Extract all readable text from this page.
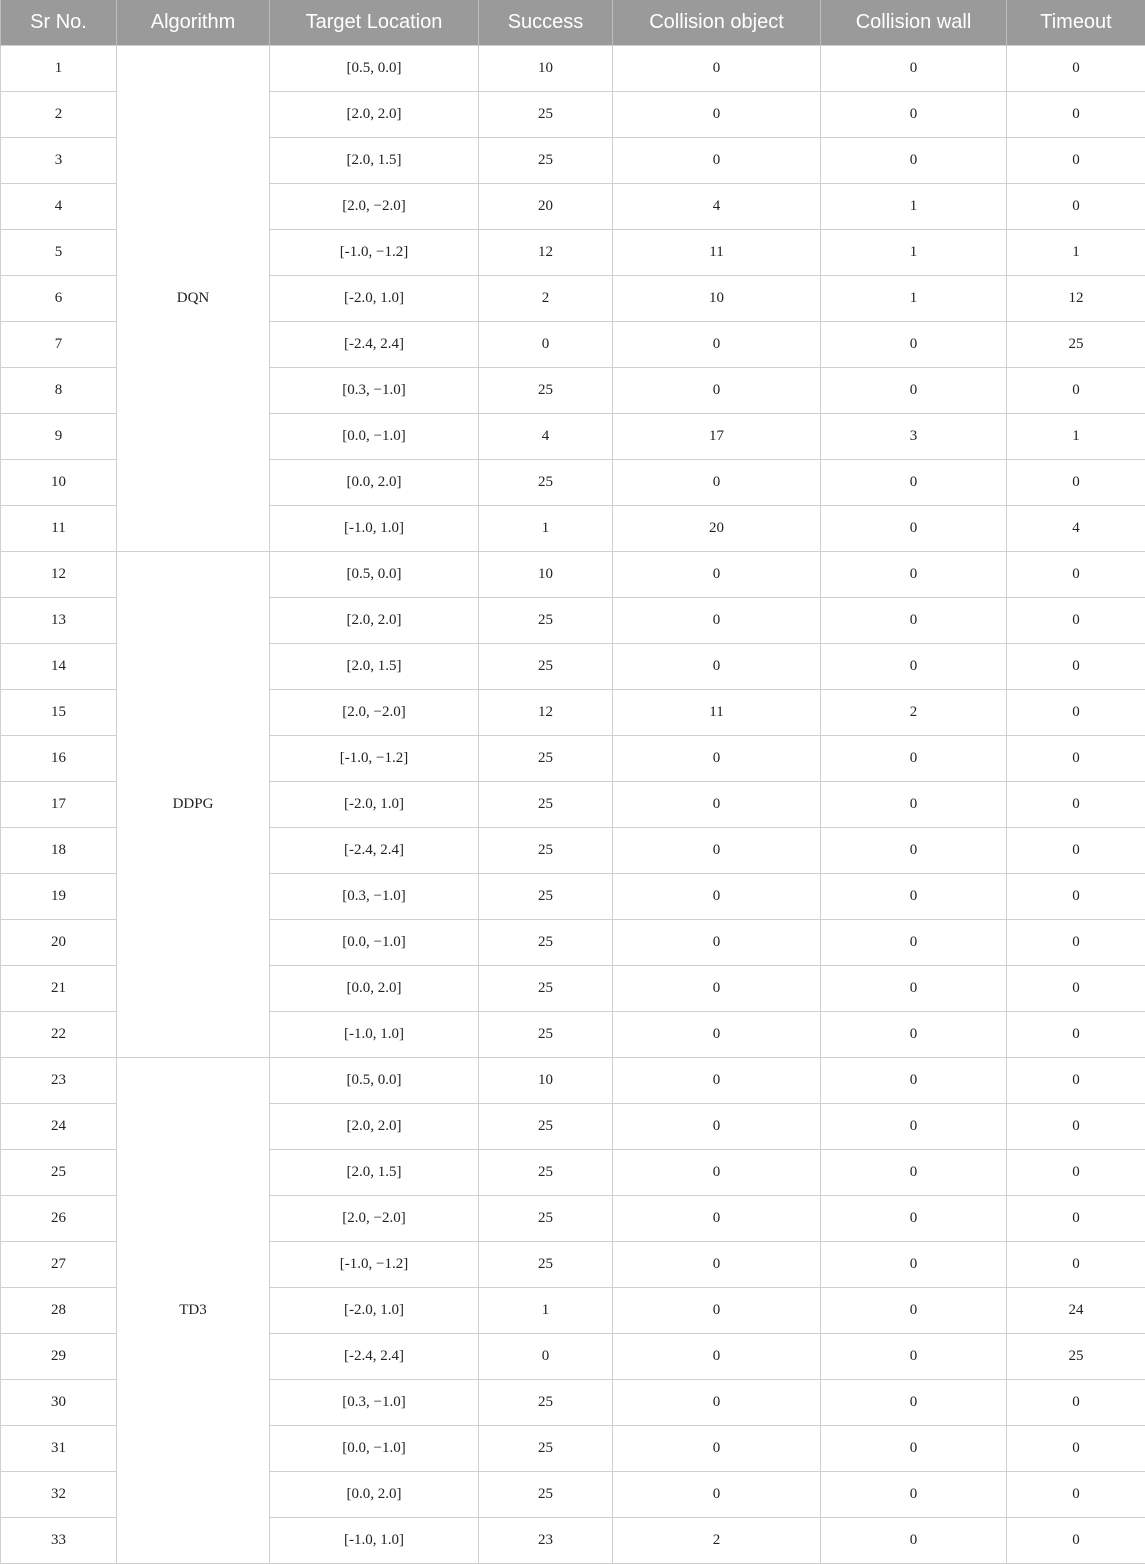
Sr No.	Algorithm	Target Location	Success	Collision object	Collision wall	Timeout
1	DQN	[0.5, 0.0]	10	0	0	0
2		[2.0, 2.0]	25	0	0	0
3		[2.0, 1.5]	25	0	0	0
4		[2.0, −2.0]	20	4	1	0
5		[-1.0, −1.2]	12	11	1	1
6		[-2.0, 1.0]	2	10	1	12
7		[-2.4, 2.4]	0	0	0	25
8		[0.3, −1.0]	25	0	0	0
9		[0.0, −1.0]	4	17	3	1
10		[0.0, 2.0]	25	0	0	0
11		[-1.0, 1.0]	1	20	0	4
12	DDPG	[0.5, 0.0]	10	0	0	0
13		[2.0, 2.0]	25	0	0	0
14		[2.0, 1.5]	25	0	0	0
15		[2.0, −2.0]	12	11	2	0
16		[-1.0, −1.2]	25	0	0	0
17		[-2.0, 1.0]	25	0	0	0
18		[-2.4, 2.4]	25	0	0	0
19		[0.3, −1.0]	25	0	0	0
20		[0.0, −1.0]	25	0	0	0
21		[0.0, 2.0]	25	0	0	0
22		[-1.0, 1.0]	25	0	0	0
23	TD3	[0.5, 0.0]	10	0	0	0
24		[2.0, 2.0]	25	0	0	0
25		[2.0, 1.5]	25	0	0	0
26		[2.0, −2.0]	25	0	0	0
27		[-1.0, −1.2]	25	0	0	0
28		[-2.0, 1.0]	1	0	0	24
29		[-2.4, 2.4]	0	0	0	25
30		[0.3, −1.0]	25	0	0	0
31		[0.0, −1.0]	25	0	0	0
32		[0.0, 2.0]	25	0	0	0
33		[-1.0, 1.0]	23	2	0	0
